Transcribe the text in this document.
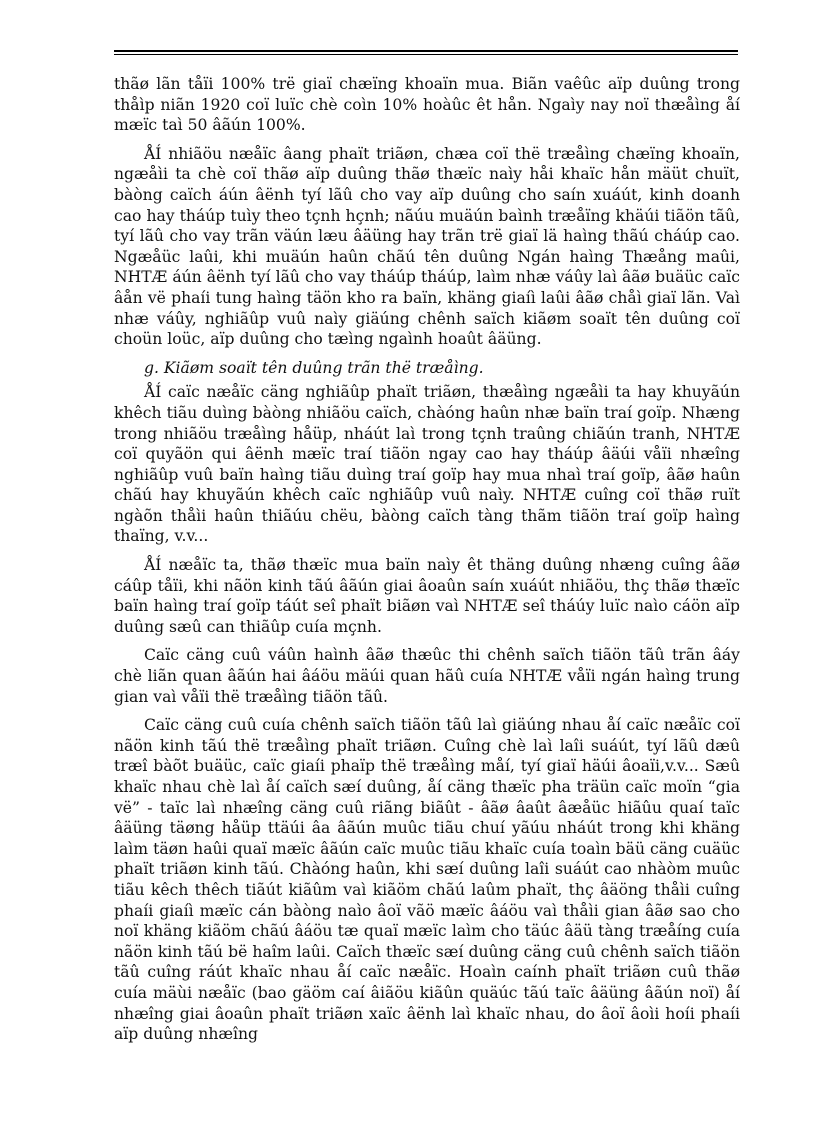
thãø lãn tåïi 100% trë giaï chæïng khoaïn mua. Biãn vaêûc aïp duûng trong thåìp niãn 1920 coï luïc chè coìn 10% hoàûc êt hån. Ngaìy nay noï thæåìng åí mæïc taì 50 âãún 100%.

ÅÍ nhiãöu næåïc âang phaït triãøn, chæa coï thë træåìng chæïng khoaïn, ngæåìi ta chè coï thãø aïp duûng thãø thæïc naìy håi khaïc hån mäüt chuït, bàòng caïch áún âënh tyí lãû cho vay aïp duûng cho saín xuáút, kinh doanh cao hay tháúp tuìy theo tçnh hçnh; nãúu muäún baình træåïng khäúi tiãön tãû, tyí lãû cho vay trãn väún læu âäüng hay trãn trë giaï lä haìng thãú cháúp cao. Ngæåüc laûi, khi muäún haûn chãú tên duûng Ngán haìng Thæång maûi, NHTÆ áún âënh tyí lãû cho vay tháúp tháúp, laìm nhæ váûy laì âãø buäüc caïc âån vë phaíi tung haìng täön kho ra baïn, khäng giaíì laûi âãø chåì giaï lãn. Vaì nhæ váûy, nghiãûp vuû naìy giäúng chênh saïch kiãøm soaït tên duûng coï choün loüc, aïp duûng cho tæìng ngaình hoaût âäüng.

g. Kiãøm soaït tên duûng trãn thë træåìng.

ÅÍ caïc næåïc cäng nghiãûp phaït triãøn, thæåìng ngæåìi ta hay khuyãún khêch tiãu duìng bàòng nhiãöu caïch, chàóng haûn nhæ baïn traí goïp. Nhæng trong nhiãöu træåìng håüp, nháút laì trong tçnh traûng chiãún tranh, NHTÆ coï quyãön qui âënh mæïc traí tiãön ngay cao hay tháúp âäúi våïi nhæîng nghiãûp vuû baïn haìng tiãu duìng traí goïp hay mua nhaì traí goïp, âãø haûn chãú hay khuyãún khêch caïc nghiãûp vuû naìy. NHTÆ cuîng coï thãø ruït ngàõn thåìi haûn thiãúu chëu, bàòng caïch tàng thãm tiãön traí goïp haìng thaïng, v.v...

ÅÍ næåïc ta, thãø thæïc mua baïn naìy êt thäng duûng nhæng cuîng âãø cáûp tåïi, khi nãön kinh tãú âãún giai âoaûn saín xuáút nhiãöu, thç thãø thæïc baïn haìng traí goïp táút seî phaït biãøn vaì NHTÆ seî tháúy luïc naìo cáön aïp duûng sæû can thiãûp cuía mçnh.

Caïc cäng cuû váûn haình âãø thæûc thi chênh saïch tiãön tãû trãn âáy chè liãn quan âãún hai âáöu mäúi quan hãû cuía NHTÆ våïi ngán haìng trung gian vaì våïi thë træåìng tiãön tãû.

Caïc cäng cuû cuía chênh saïch tiãön tãû laì giäúng nhau åí caïc næåïc coï nãön kinh tãú thë træåìng phaït triãøn. Cuîng chè laì laîi suáút, tyí lãû dæû træî bàõt buäüc, caïc giaíi phaïp thë træåìng måí, tyí giaï häúi âoaïi,v.v... Sæû khaïc nhau chè laì åí caïch sæí duûng, åí cäng thæïc pha träün caïc moïn “gia vë” - taïc laì nhæîng cäng cuû riãng biãût - âãø âaût âæåüc hiãûu quaí taïc âäüng täøng håüp ttäúi âa âãún muûc tiãu chuí yãúu nháút trong khi khäng laìm täøn haûi quaï mæïc âãún caïc muûc tiãu khaïc cuía toaìn bäü cäng cuäüc phaït triãøn kinh tãú. Chàóng haûn, khi sæí duûng laîi suáút cao nhàòm muûc tiãu kêch thêch tiãút kiãûm vaì kiãöm chãú laûm phaït, thç âäöng thåìi cuîng phaíi giaíì mæïc cán bàòng naìo âoï vãö mæïc âáöu vaì thåìi gian âãø sao cho noï khäng kiãöm chãú âáöu tæ quaï mæïc laìm cho täúc âäü tàng træåíng cuía nãön kinh tãú bë haîm laûi. Caïch thæïc sæí duûng cäng cuû chênh saïch tiãön tãû cuîng ráút khaïc nhau åí caïc næåïc. Hoaìn caính phaït triãøn cuû thãø cuía mäùi næåïc (bao gäöm caí âiãöu kiãûn quäúc tãú taïc âäüng âãún noï) åí nhæîng giai âoaûn phaït triãøn xaïc âënh laì khaïc nhau, do âoï âoìi hoíi phaíi aïp duûng nhæîng
